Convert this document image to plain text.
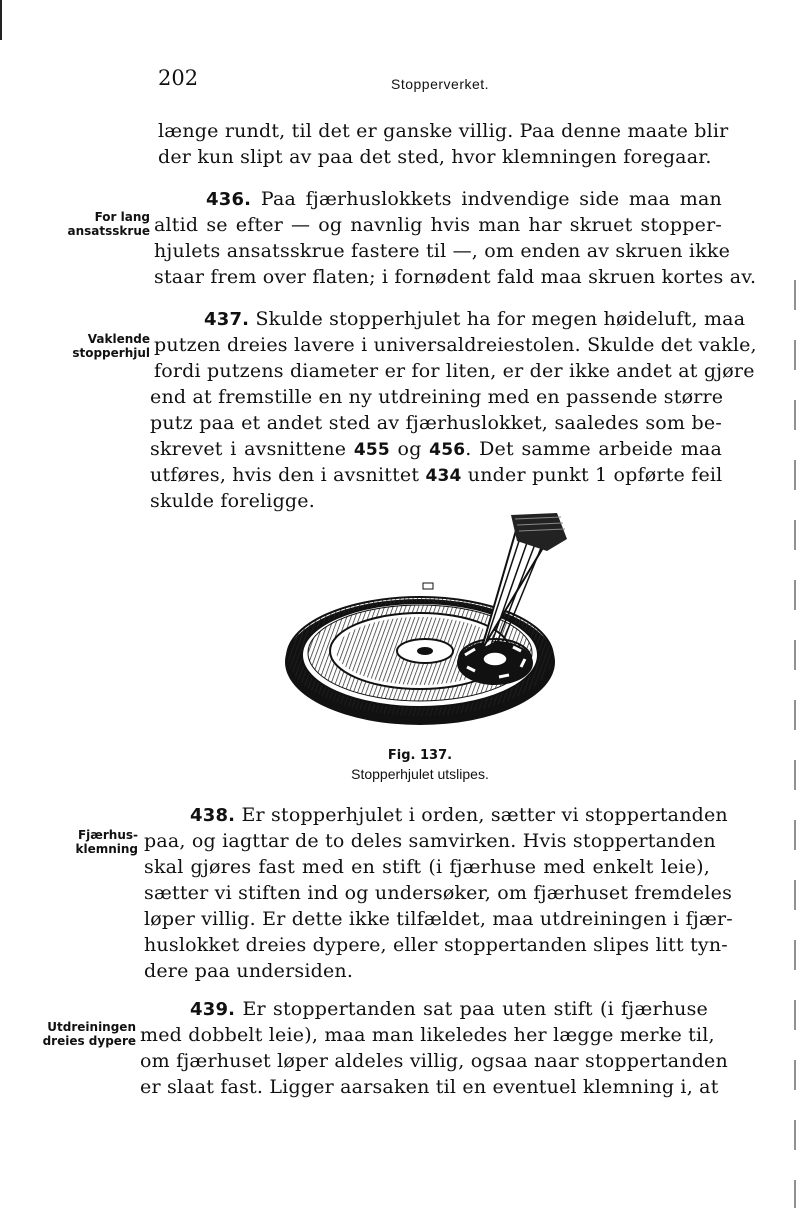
202	Stopperverket.
længe rundt, til det er ganske villig. Paa denne maate blir
der kun slipt av paa det sted, hvor klemningen foregaar.
For lang
ansatsskrue
436. Paa fjærhuslokkets indvendige side maa man
altid se efter — og navnlig hvis man har skruet stopper-
hjulets ansatsskrue fastere til —, om enden av skruen ikke
staar frem over flaten; i fornødent fald maa skruen kortes av.
Vaklende
stopperhjul
437. Skulde stopperhjulet ha for megen høideluft, maa
putzen dreies lavere i universaldreiestolen. Skulde det vakle,
fordi putzens diameter er for liten, er der ikke andet at gjøre
end at fremstille en ny utdreining med en passende større
putz paa et andet sted av fjærhuslokket, saaledes som be-
skrevet i avsnittene 455 og 456. Det samme arbeide maa
utføres, hvis den i avsnittet 434 under punkt 1 opførte feil
skulde foreligge.
Fig. 137.
Stopperhjulet utslipes.
Fjærhus-
klemning
438. Er stopperhjulet i orden, sætter vi stoppertanden
paa, og iagttar de to deles samvirken. Hvis stoppertanden
skal gjøres fast med en stift (i fjærhuse med enkelt leie),
sætter vi stiften ind og undersøker, om fjærhuset fremdeles
løper villig. Er dette ikke tilfældet, maa utdreiningen i fjær-
huslokket dreies dypere, eller stoppertanden slipes litt tyn-
dere paa undersiden.
Utdreiningen
dreies dypere
439. Er stoppertanden sat paa uten stift (i fjærhuse
med dobbelt leie), maa man likeledes her lægge merke til,
om fjærhuset løper aldeles villig, ogsaa naar stoppertanden
er slaat fast. Ligger aarsaken til en eventuel klemning i, at
